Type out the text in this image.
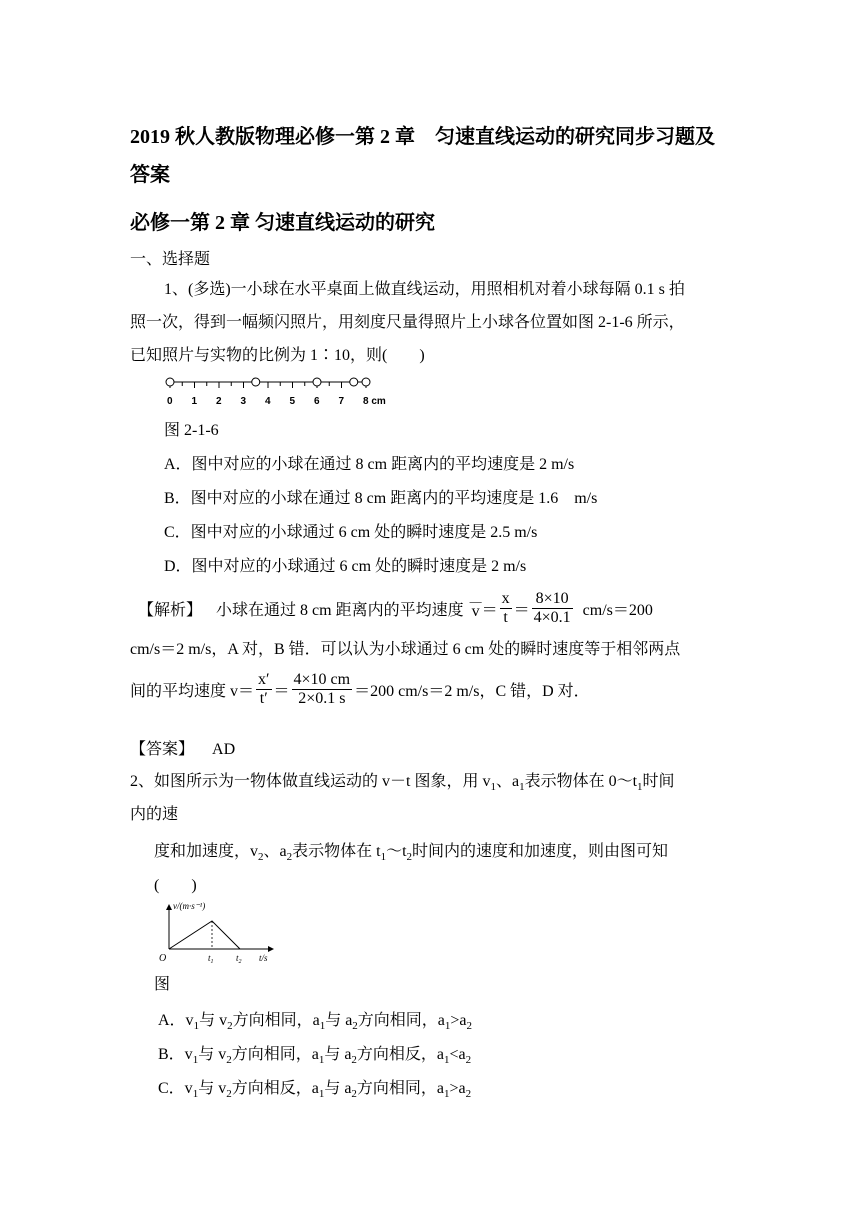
2019 秋人教版物理必修一第 2 章　匀速直线运动的研究同步习题及
答案
必修一第 2 章 匀速直线运动的研究
一、选择题
1、(多选)一小球在水平桌面上做直线运动，用照相机对着小球每隔 0.1 s 拍
照一次，得到一幅频闪照片，用刻度尺量得照片上小球各位置如图 2-1-6 所示，
已知照片与实物的比例为 1∶10，则(　　)
0 1 2 3 4 5 6 7 8 cm
图 2-1-6
A．图中对应的小球在通过 8 cm 距离内的平均速度是 2 m/s
B．图中对应的小球在通过 8 cm 距离内的平均速度是 1.6　m/s
C．图中对应的小球通过 6 cm 处的瞬时速度是 2.5 m/s
D．图中对应的小球通过 6 cm 处的瞬时速度是 2 m/s
【解析】 小球在通过 8 cm 距离内的平均速度
—
$v = \frac{x}{t} = \frac{8\times 10}{4\times 0.1} cm/s=200$
cm/s＝2 m/s，A 对，B 错．可以认为小球通过 6 cm 处的瞬时速度等于相邻两点
间的平均速度 $v= \frac{x'}{t'} = \frac{4\times 10 cm}{2\times 0.1 s} =200$ cm/s＝2 m/s，C 错，D 对．
【答案】 AD
2、如图所示为一物体做直线运动的 v－t 图象，用 $v_1$、$a_1$表示物体在 $0\sim t_1$时间
内的速
度和加速度，$v_2$、$a_2$表示物体在 $t_1\sim t_2$时间内的速度和加速度，则由图可知
(　　)
v/(m·s⁻¹)
O	$t_1$ $t_2$ t/s
图
A．$v_1$与 $v_2$方向相同，$a_1$与 $a_2$方向相同，$a_1>a_2$
B．$v_1$与 $v_2$方向相同，$a_1$与 $a_2$方向相反，$a_1<a_2$
C．$v_1$与 $v_2$方向相反，$a_1$与 $a_2$方向相同，$a_1>a_2$
